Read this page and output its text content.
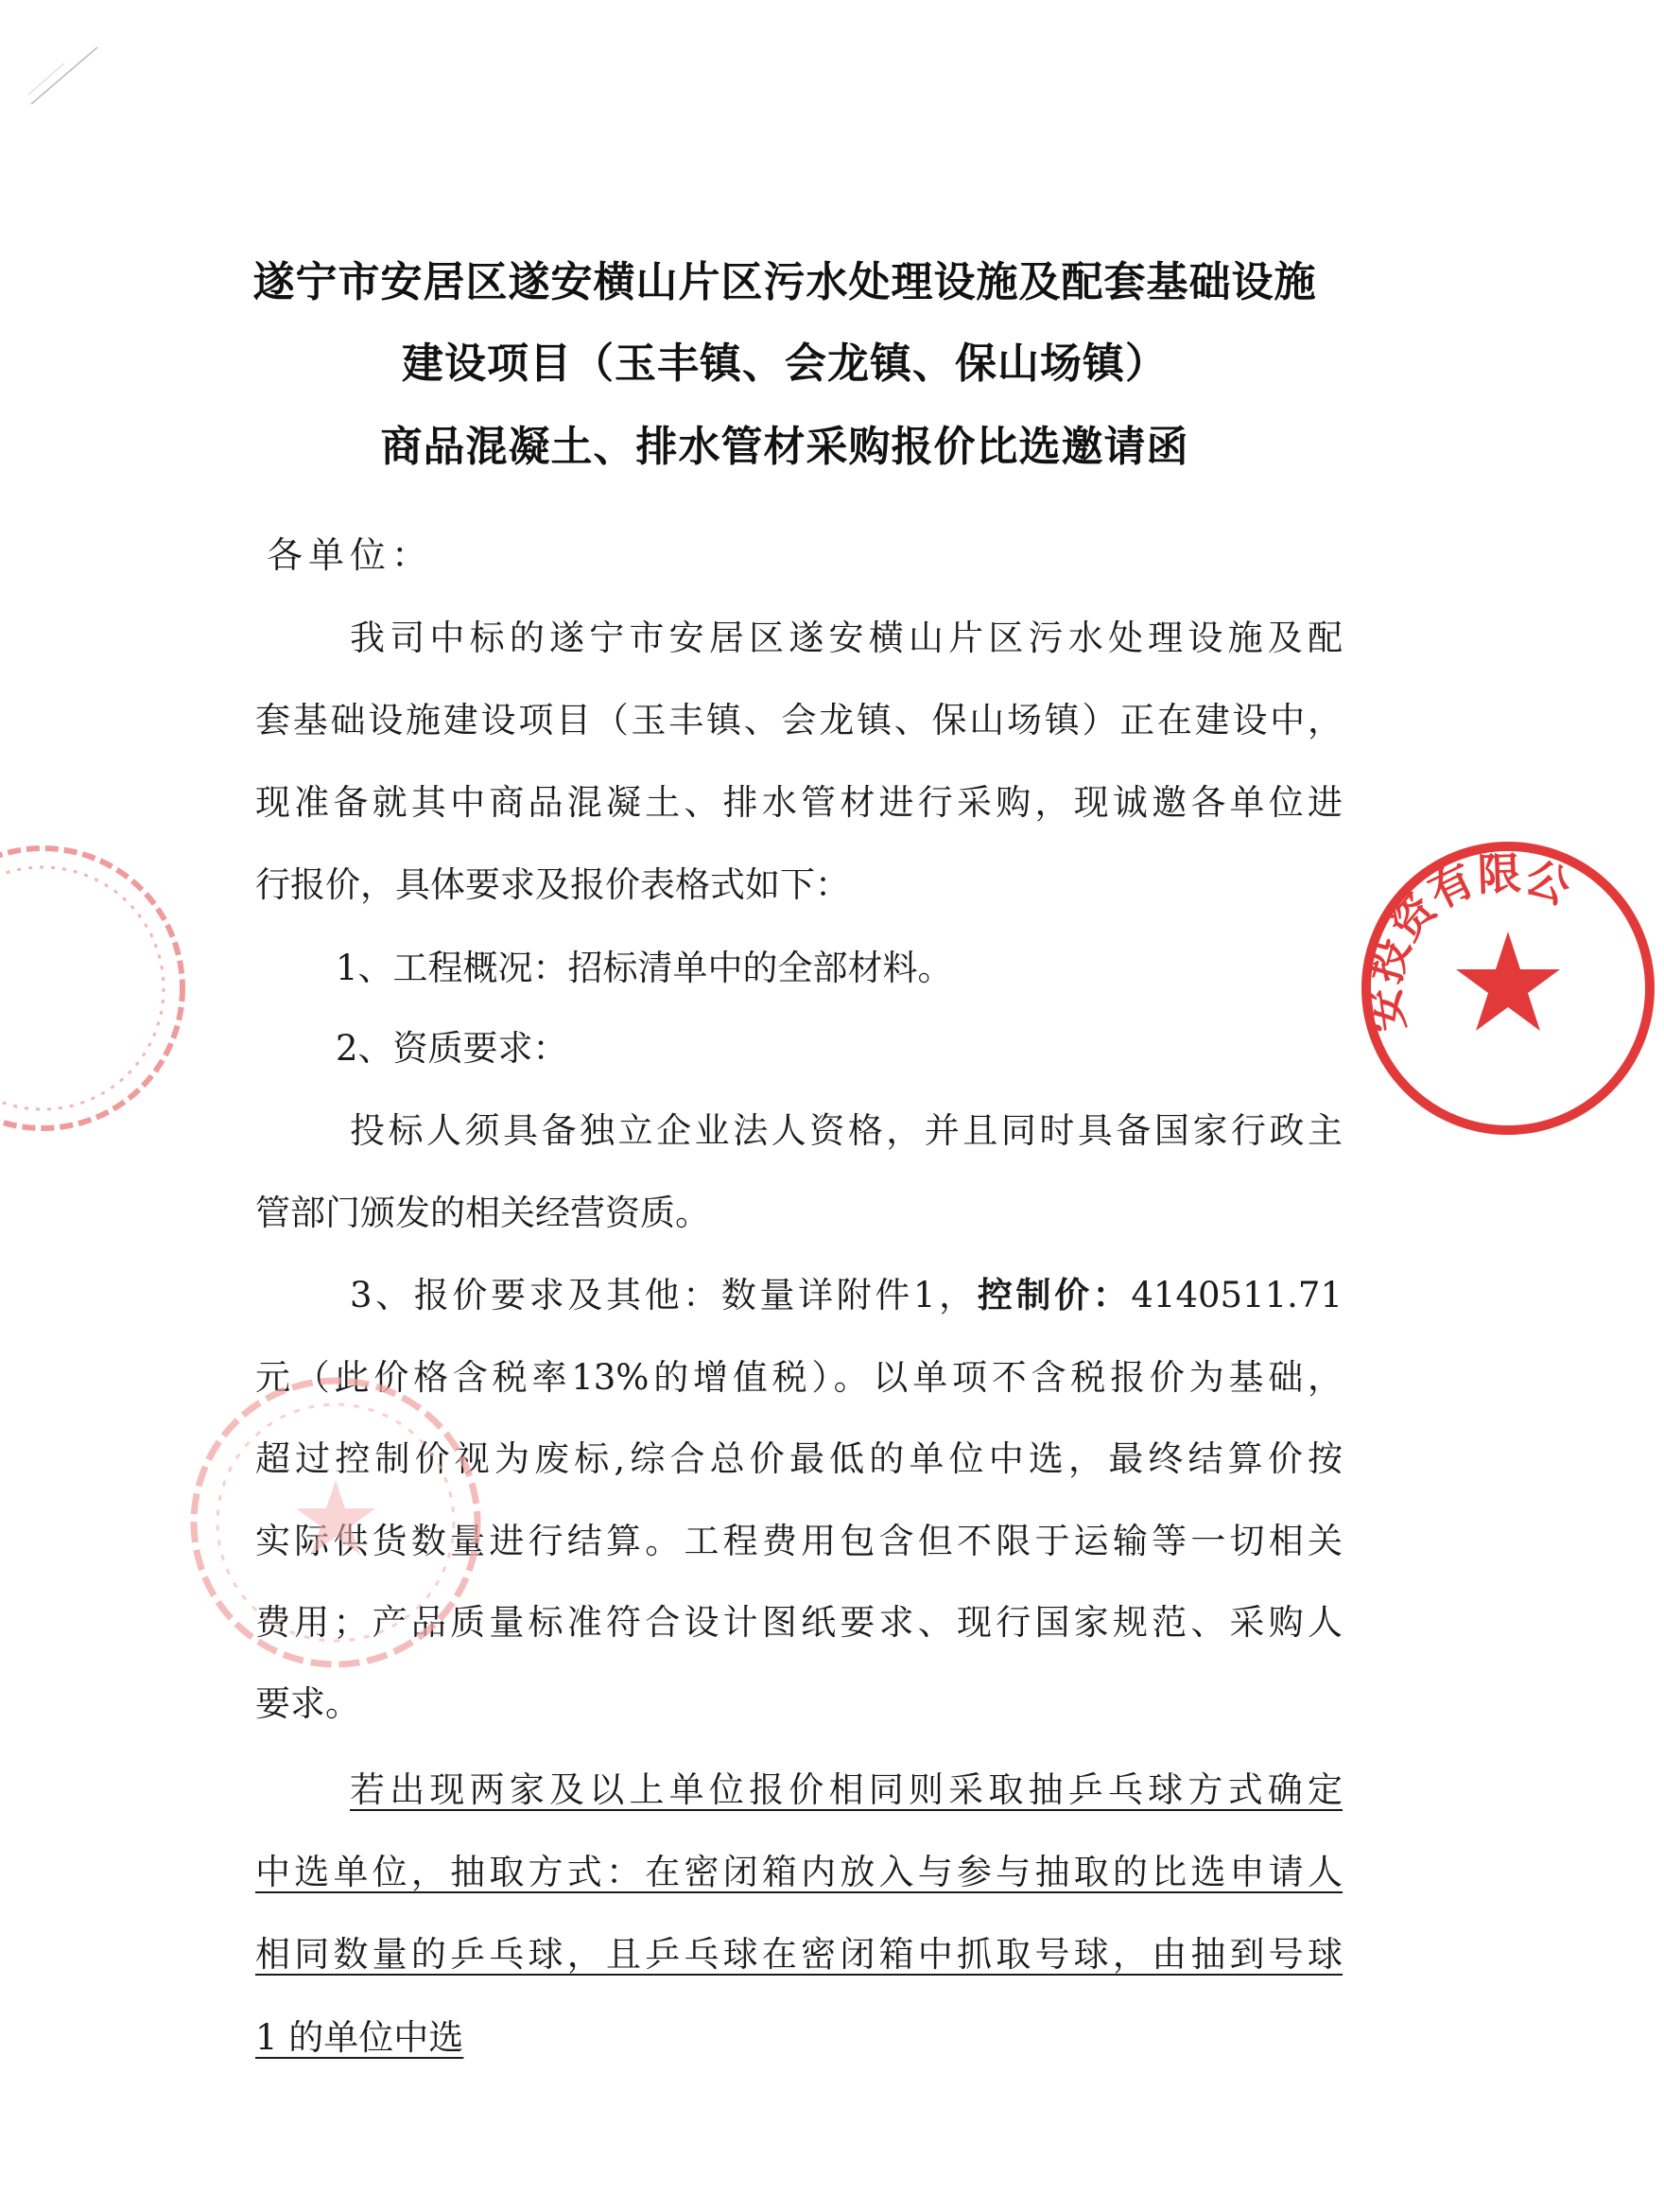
遂宁市安居区遂安横山片区污水处理设施及配套基础设施
建设项目（玉丰镇、会龙镇、保山场镇）
商品混凝土、排水管材采购报价比选邀请函
各单位：
我司中标的遂宁市安居区遂安横山片区污水处理设施及配
套基础设施建设项目（玉丰镇、会龙镇、保山场镇）正在建设中，
现准备就其中商品混凝土、排水管材进行采购，现诚邀各单位进
行报价，具体要求及报价表格式如下：
1、工程概况：招标清单中的全部材料。
2、资质要求：
投标人须具备独立企业法人资格，并且同时具备国家行政主
管部门颁发的相关经营资质。
3、报价要求及其他：数量详附件1，控制价：4140511.71
元（此价格含税率13%的增值税）。以单项不含税报价为基础，
超过控制价视为废标,综合总价最低的单位中选，最终结算价按
实际供货数量进行结算。工程费用包含但不限于运输等一切相关
费用；产品质量标准符合设计图纸要求、现行国家规范、采购人
要求。
若出现两家及以上单位报价相同则采取抽乒乓球方式确定
中选单位，抽取方式：在密闭箱内放入与参与抽取的比选申请人
相同数量的乒乓球，且乒乓球在密闭箱中抓取号球，由抽到号球
1 的单位中选
安投资有限公
